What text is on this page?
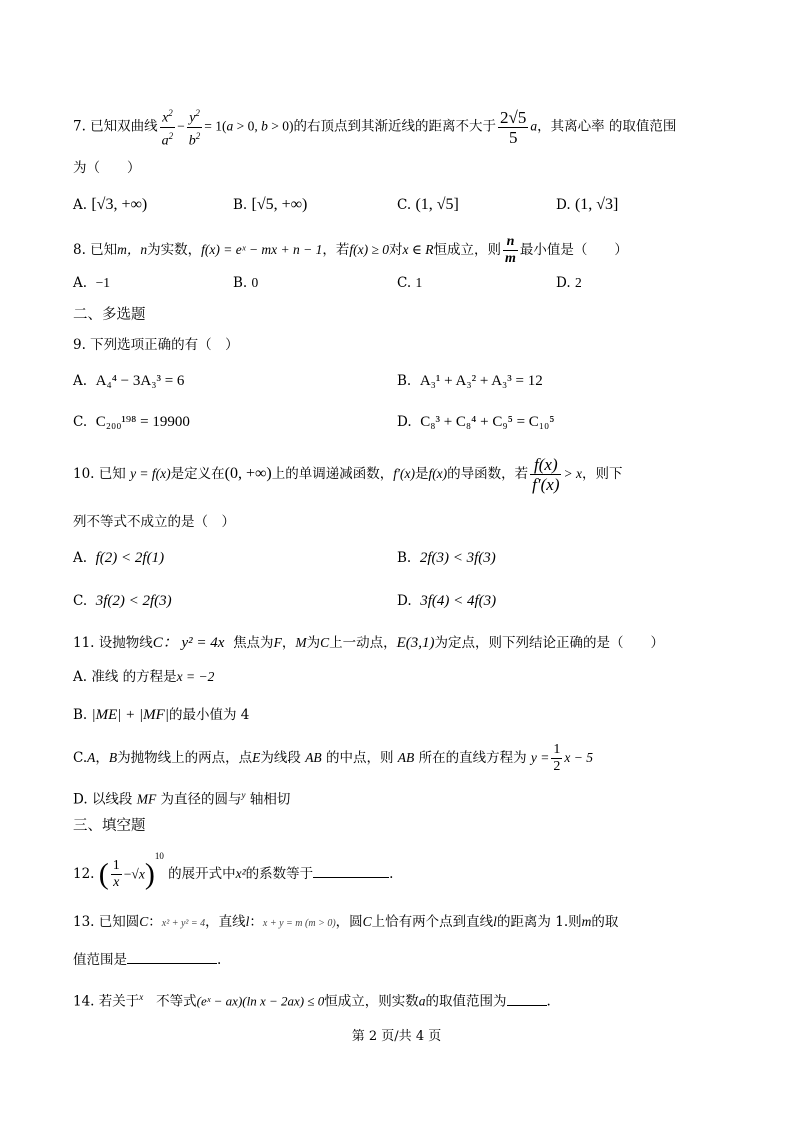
7. 已知双曲线 $\frac{x^2}{a^2} - \frac{y^2}{b^2} = 1(a > 0$, b > 0)的右顶点到其渐近线的距离不大于 $\frac{2√5}{5}$ a，其离心率 的取值范围
为（　　）
A. [√3, +∞)	B. [√5, +∞)	C. (1, √5]	D. (1, √3]
8. 已知m，n为实数，f(x) = eˣ − mx + n − 1，若f(x) ≥ 0对x ∈ R恒成立，则 $\frac{n}{m}$ 最小值是（　　）
A. −1	B. 0	C. 1	D. 2
二、多选题
9. 下列选项正确的有（　）
A. A₄⁴ − 3A₃³ = 6	B. A₃¹ + A₃² + A₃³ = 12
C. C₂₀₀¹⁹⁸ = 19900	D. C₈³ + C₈⁴ + C₉⁵ = C₁₀⁵
10. 已知 y = f(x)是定义在(0, +∞)上的单调递减函数，f′(x)是f(x)的导函数，若 $\frac{f(x)}{f'(x)} > x$，则下
列不等式不成立的是（　）
A. f(2) < 2f(1)	B. 2f(3) < 3f(3)
C. 3f(2) < 2f(3)	D. 3f(4) < 4f(3)
11. 设抛物线C： y² = 4x 焦点为F，M为C上一动点，E(3,1)为定点，则下列结论正确的是（　　）
A. 准线 的方程是x = −2
B. |ME| + |MF|的最小值为 4
C.A，B为抛物线上的两点，点E为线段 AB 的中点，则 AB 所在的直线方程为 $y = \frac{1}{2}$ x − 5
D. 以线段 MF 为直径的圆与$^y$ 轴相切
三、填空题
12. ( $\frac{1}{x} -√x)^{10}$ 的展开式中x²的系数等于	.
13. 已知圆C：x² + y² = 4，直线l：x + y = m (m > 0)，圆C上恰有两个点到直线l的距离为 1.则m的取
值范围是	.
14. 若关于$^x$ 不等式(eˣ − ax)(ln x − 2ax) ≤ 0恒成立，则实数a的取值范围为	.
第 2 页/共 4 页
